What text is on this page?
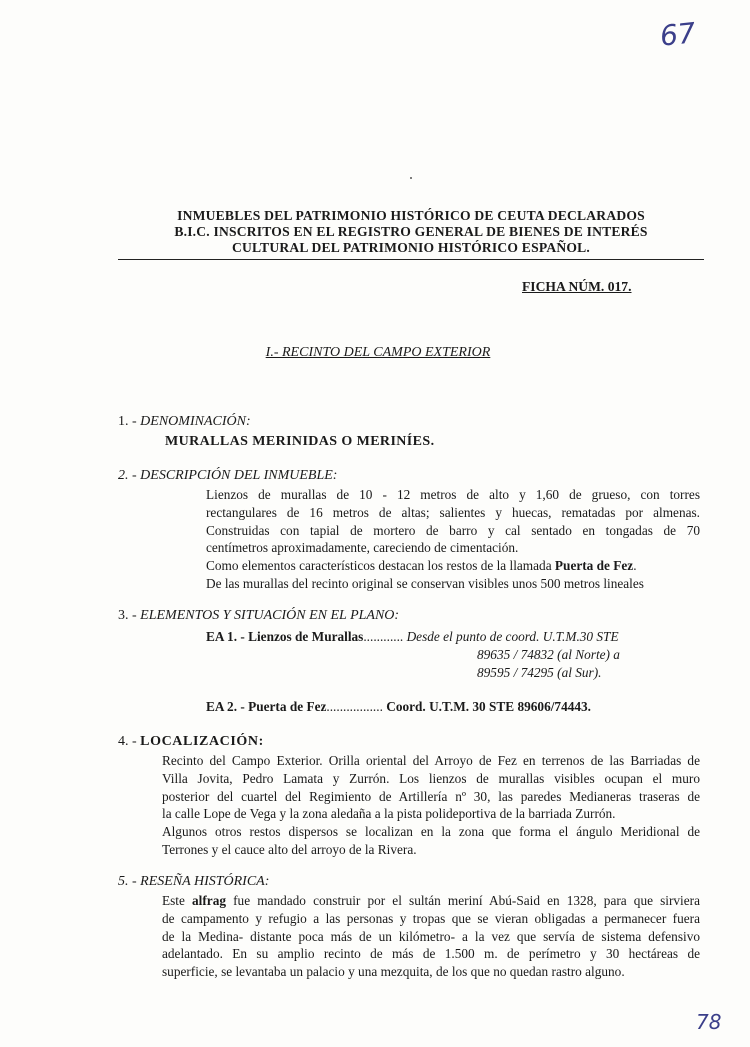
67
INMUEBLES DEL PATRIMONIO HISTÓRICO DE CEUTA DECLARADOS
B.I.C. INSCRITOS EN EL REGISTRO GENERAL DE BIENES DE INTERÉS
CULTURAL DEL PATRIMONIO HISTÓRICO ESPAÑOL.
FICHA NÚM. 017.
I.- RECINTO DEL CAMPO EXTERIOR
1. - DENOMINACIÓN:
MURALLAS MERINIDAS O MERINÍES.
2. - DESCRIPCIÓN DEL INMUEBLE:
Lienzos de murallas de 10 - 12 metros de alto y 1,60 de grueso, con torres
rectangulares de 16 metros de altas; salientes y huecas, rematadas por almenas.
Construidas con tapial de mortero de barro y cal sentado en tongadas de 70
centímetros aproximadamente, careciendo de cimentación.
Como elementos característicos destacan los restos de la llamada Puerta de Fez.
De las murallas del recinto original se conservan visibles unos 500 metros lineales
3. - ELEMENTOS Y SITUACIÓN EN EL PLANO:
EA 1. - Lienzos de Murallas............ Desde el punto de coord. U.T.M.30 STE
89635 / 74832 (al Norte) a
89595 / 74295 (al Sur).
EA 2. - Puerta de Fez................. Coord. U.T.M. 30 STE 89606/74443.
4. - LOCALIZACIÓN:
Recinto del Campo Exterior. Orilla oriental del Arroyo de Fez en terrenos de las Barriadas de
Villa Jovita, Pedro Lamata y Zurrón. Los lienzos de murallas visibles ocupan el muro
posterior del cuartel del Regimiento de Artillería nº 30, las paredes Medianeras traseras de
la calle Lope de Vega y la zona aledaña a la pista polideportiva de la barriada Zurrón.
Algunos otros restos dispersos se localizan en la zona que forma el ángulo Meridional de
Terrones y el cauce alto del arroyo de la Rivera.
5. - RESEÑA HISTÓRICA:
Este alfrag fue mandado construir por el sultán meriní Abú-Said en 1328, para que sirviera
de campamento y refugio a las personas y tropas que se vieran obligadas a permanecer fuera
de la Medina- distante poca más de un kilómetro- a la vez que servía de sistema defensivo
adelantado. En su amplio recinto de más de 1.500 m. de perímetro y 30 hectáreas de
superficie, se levantaba un palacio y una mezquita, de los que no quedan rastro alguno.
78
